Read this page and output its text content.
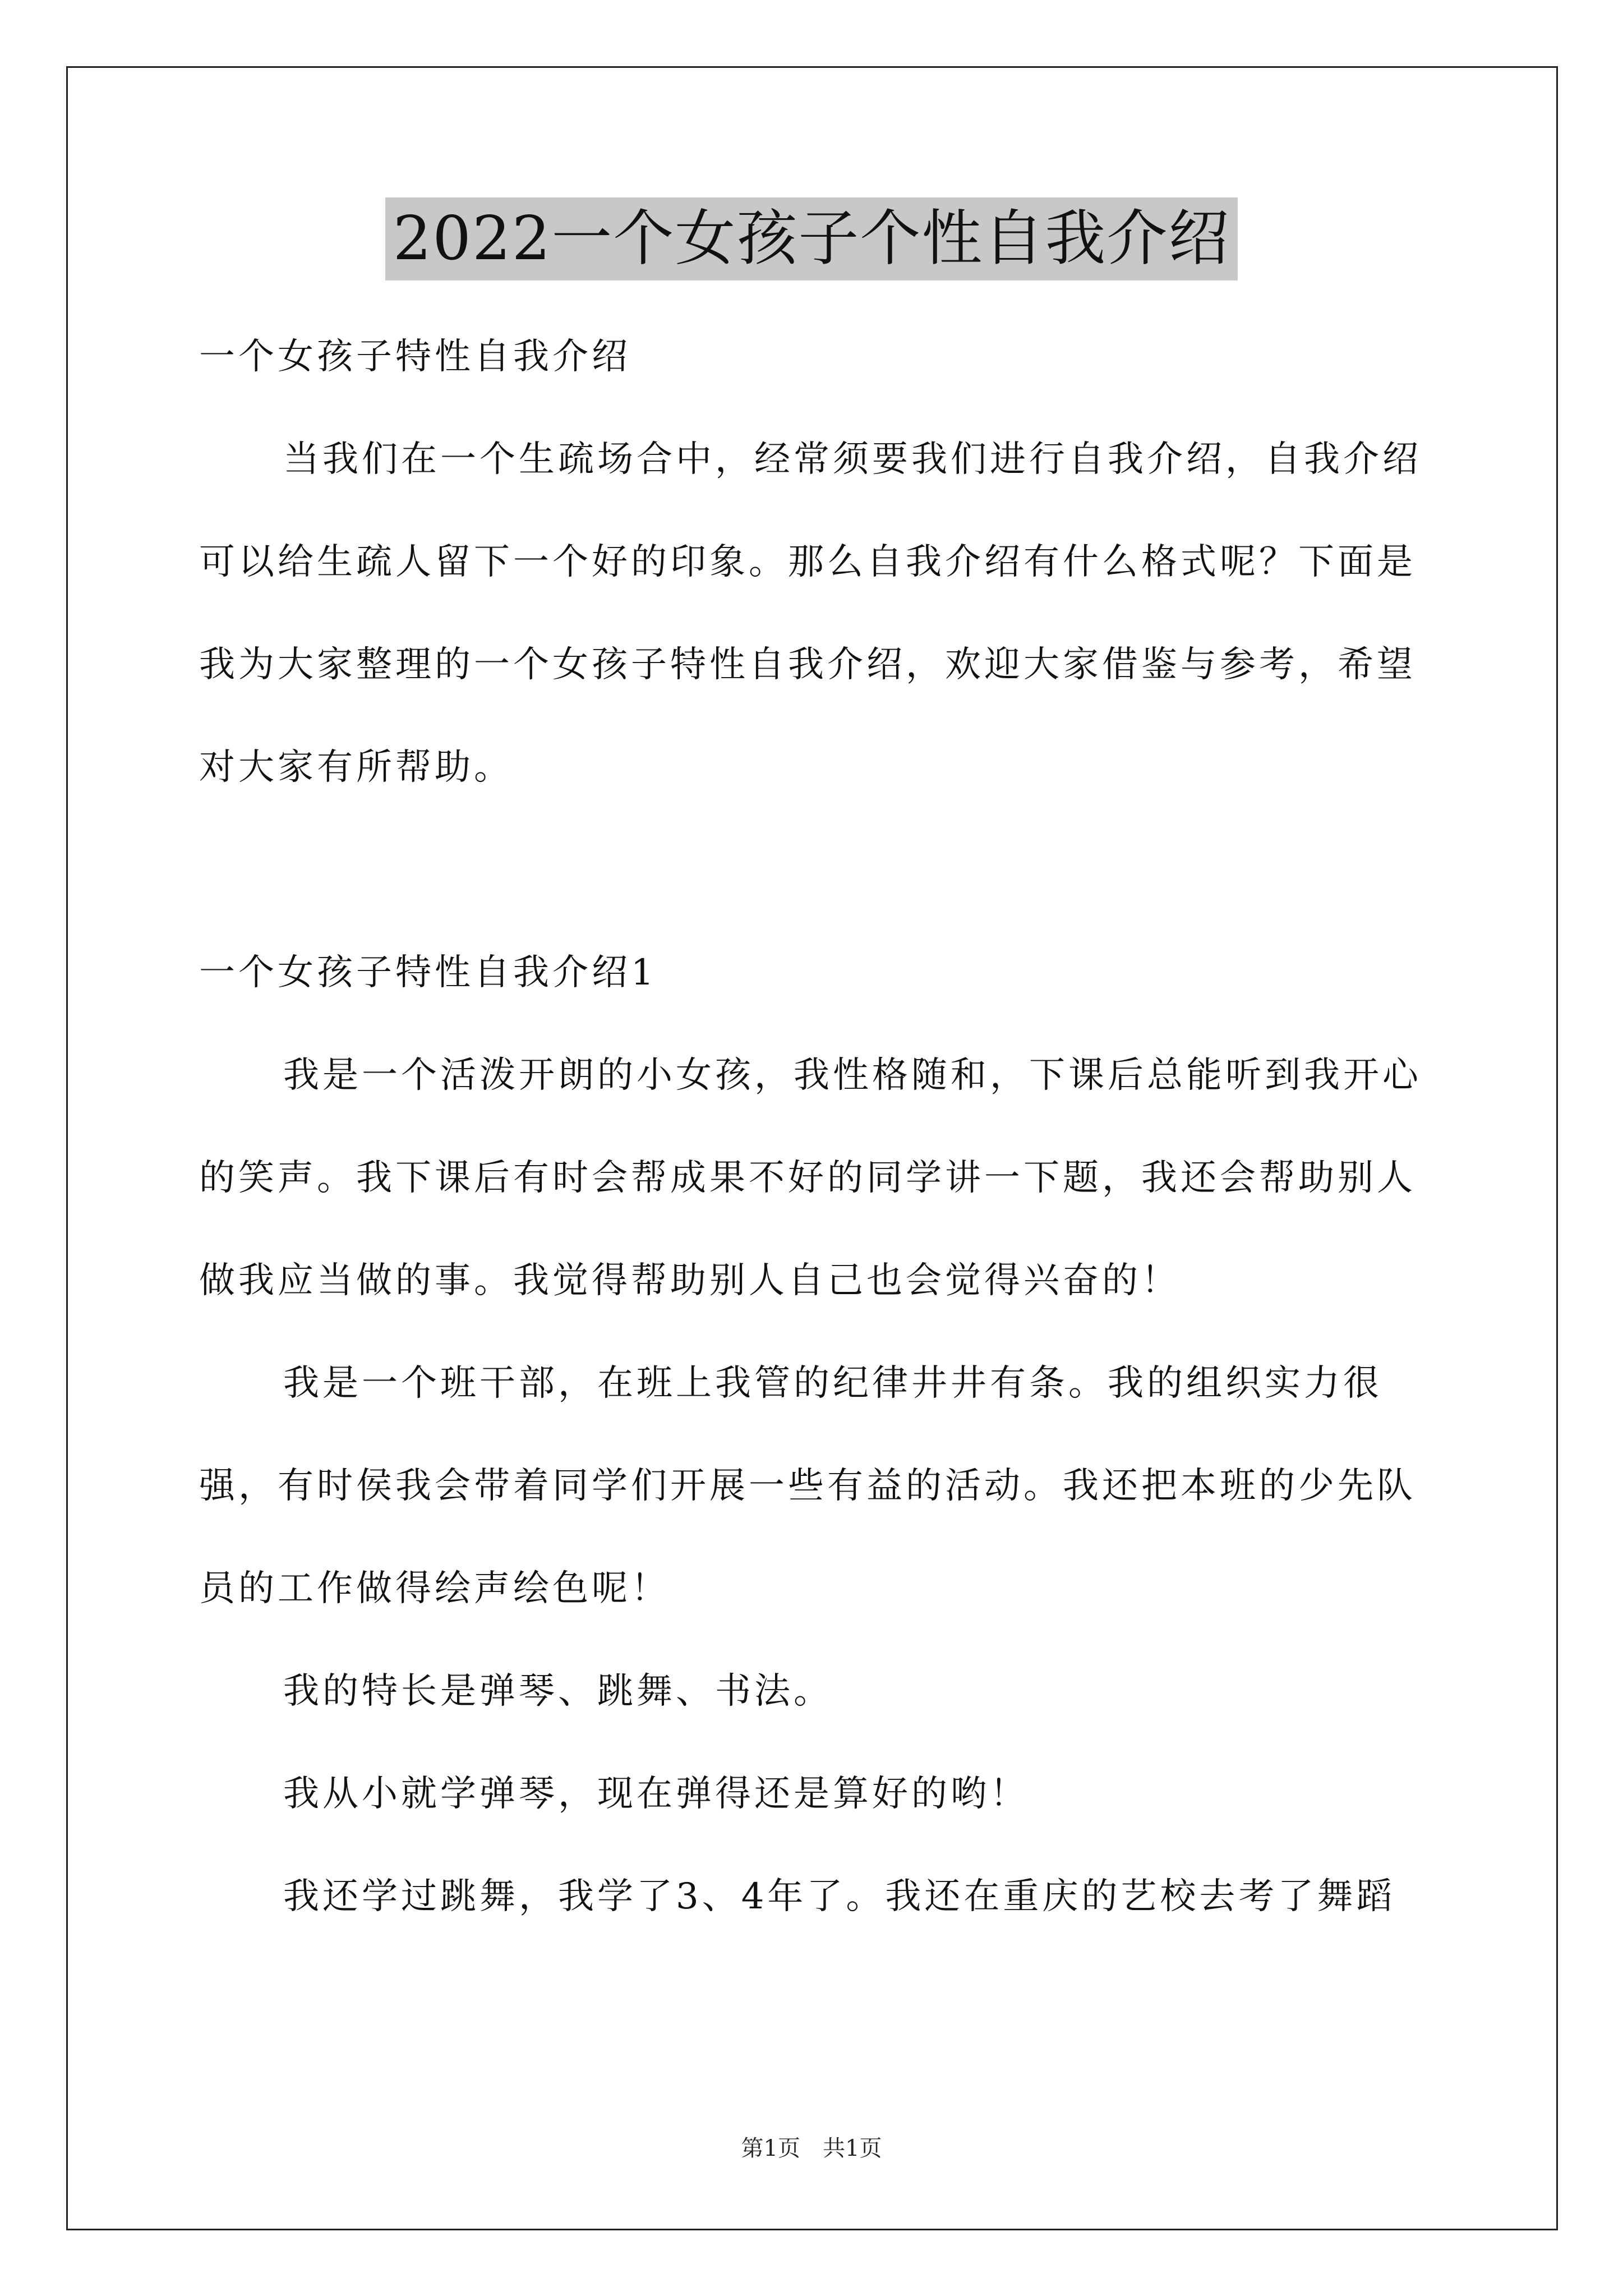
2022一个女孩子个性自我介绍

一个女孩子特性自我介绍

当我们在一个生疏场合中，经常须要我们进行自我介绍，自我介绍可以给生疏人留下一个好的印象。那么自我介绍有什么格式呢？下面是我为大家整理的一个女孩子特性自我介绍，欢迎大家借鉴与参考，希望对大家有所帮助。

一个女孩子特性自我介绍1

我是一个活泼开朗的小女孩，我性格随和，下课后总能听到我开心的笑声。我下课后有时会帮成果不好的同学讲一下题，我还会帮助别人做我应当做的事。我觉得帮助别人自己也会觉得兴奋的！

我是一个班干部，在班上我管的纪律井井有条。我的组织实力很强，有时侯我会带着同学们开展一些有益的活动。我还把本班的少先队员的工作做得绘声绘色呢！

我的特长是弹琴、跳舞、书法。

我从小就学弹琴，现在弹得还是算好的哟！

我还学过跳舞，我学了3、4年了。我还在重庆的艺校去考了舞蹈

第1页　共1页
